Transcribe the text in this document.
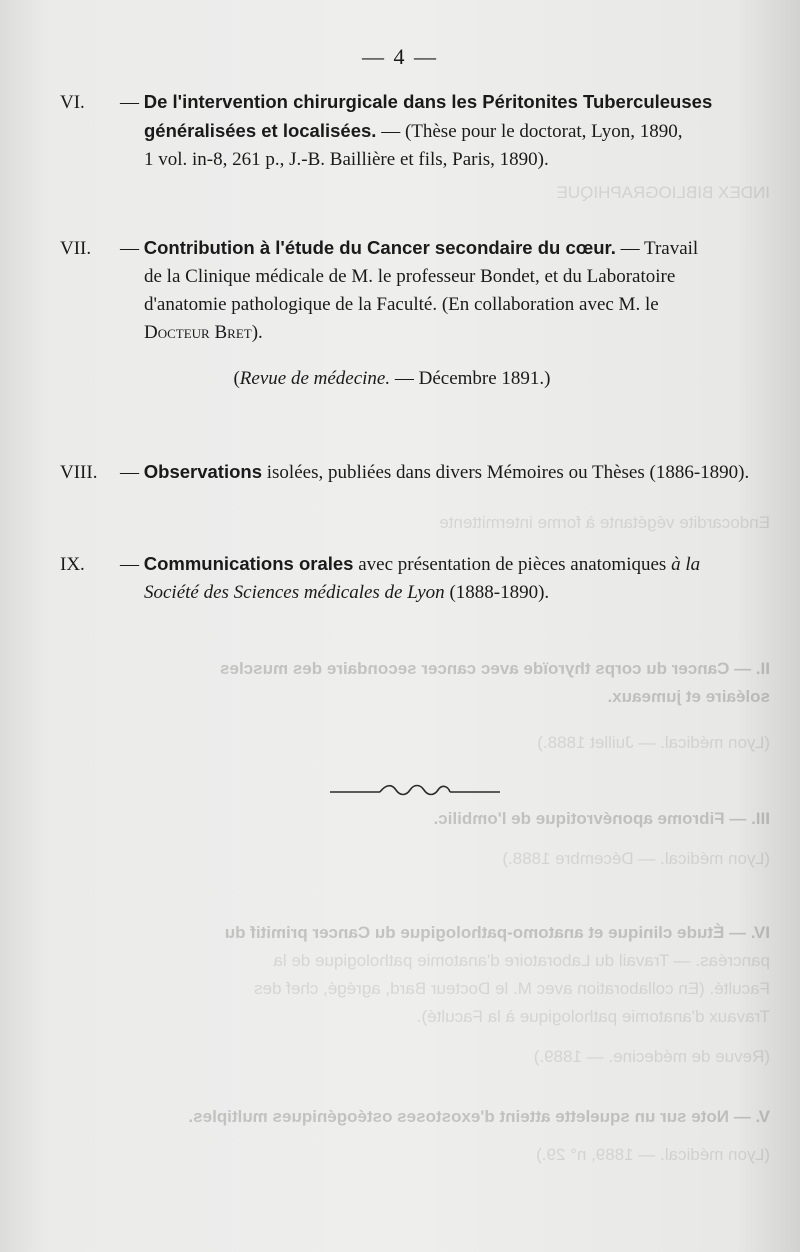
— 4 —
INDEX BIBLIOGRAPHIQUE
Endocardite végétante à forme intermittente
II. — Cancer du corps thyroïde avec cancer secondaire des muscles
soléaire et jumeaux.
(Lyon médical. — Juillet 1888.)
III. — Fibrome aponévrotique de l'ombilic.
(Lyon médical. — Décembre 1888.)
IV. — Étude clinique et anatomo-pathologique du Cancer primitif du
pancréas. — Travail du Laboratoire d'anatomie pathologique de la
Faculté. (En collaboration avec M. le Docteur Bard, agrégé, chef des
Travaux d'anatomie pathologique à la Faculté).
(Revue de médecine. — 1889.)
V. — Note sur un squelette atteint d'exostoses ostéogéniques multiples.
(Lyon médical. — 1889, n° 29.)
VI. — De l'intervention chirurgicale dans les Péritonites Tuberculeuses
généralisées et localisées. — (Thèse pour le doctorat, Lyon, 1890,
1 vol. in-8, 261 p., J.-B. Baillière et fils, Paris, 1890).
VII. — Contribution à l'étude du Cancer secondaire du cœur. — Travail
de la Clinique médicale de M. le professeur Bondet, et du Laboratoire
d'anatomie pathologique de la Faculté. (En collaboration avec M. le
Docteur Bret).
(Revue de médecine. — Décembre 1891.)
VIII. — Observations isolées, publiées dans divers Mémoires ou Thèses (1886-1890).
IX. — Communications orales avec présentation de pièces anatomiques à la
Société des Sciences médicales de Lyon (1888-1890).
